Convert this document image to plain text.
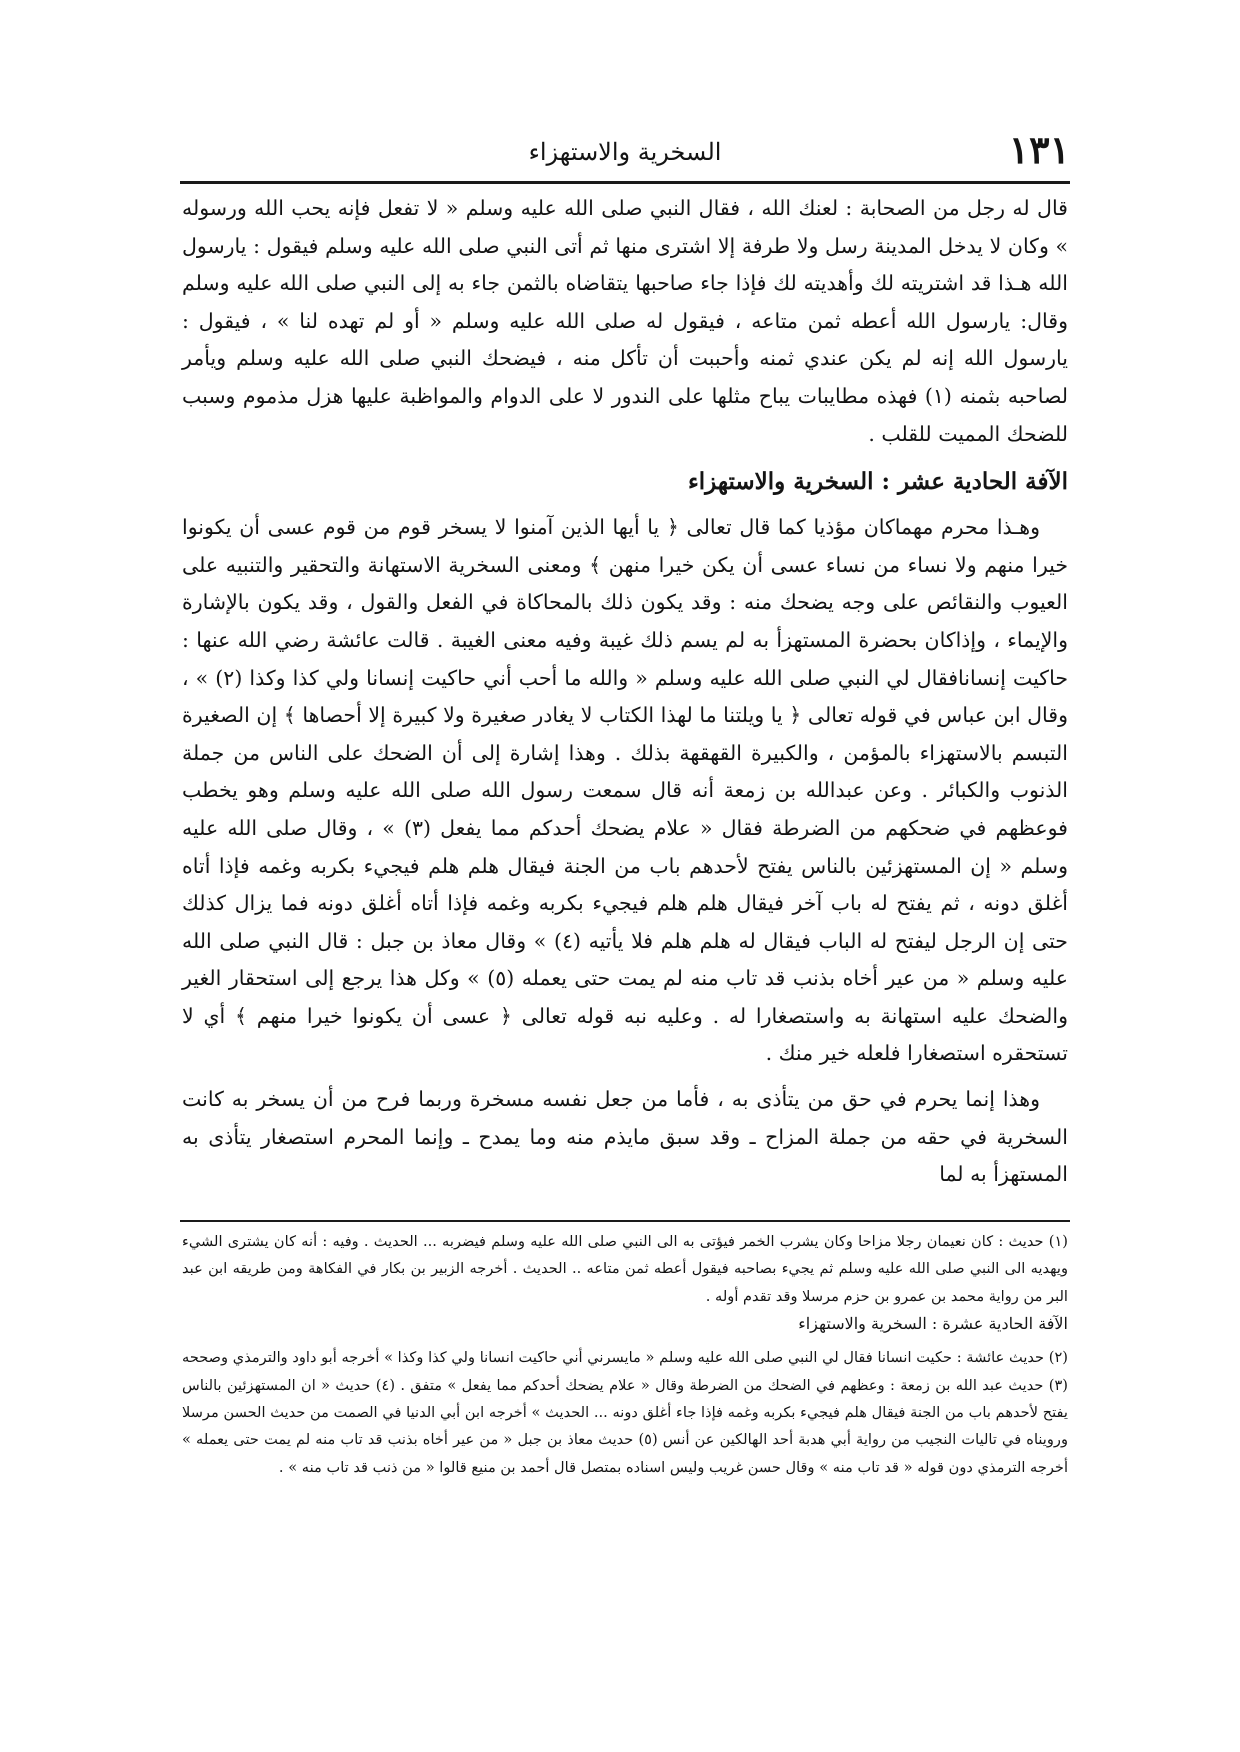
١٣١
السخرية والاستهزاء

قال له رجل من الصحابة : لعنك الله ، فقال النبي صلى الله عليه وسلم « لا تفعل فإنه يحب الله ورسوله » وكان لا يدخل المدينة رسل ولا طرفة إلا اشترى منها ثم أتى النبي صلى الله عليه وسلم فيقول : يارسول الله هـذا قد اشتريته لك وأهديته لك فإذا جاء صاحبها يتقاضاه بالثمن جاء به إلى النبي صلى الله عليه وسلم وقال: يارسول الله أعطه ثمن متاعه ، فيقول له صلى الله عليه وسلم « أو لم تهده لنا » ، فيقول : يارسول الله إنه لم يكن عندي ثمنه وأحببت أن تأكل منه ، فيضحك النبي صلى الله عليه وسلم ويأمر لصاحبه بثمنه (١) فهذه مطايبات يباح مثلها على الندور لا على الدوام والمواظبة عليها هزل مذموم وسبب للضحك المميت للقلب .

الآفة الحادية عشر : السخرية والاستهزاء

وهـذا محرم مهماكان مؤذيا كما قال تعالى ﴿ يا أيها الذين آمنوا لا يسخر قوم من قوم عسى أن يكونوا خيرا منهم ولا نساء من نساء عسى أن يكن خيرا منهن ﴾ ومعنى السخرية الاستهانة والتحقير والتنبيه على العيوب والنقائص على وجه يضحك منه : وقد يكون ذلك بالمحاكاة في الفعل والقول ، وقد يكون بالإشارة والإيماء ، وإذاكان بحضرة المستهزأ به لم يسم ذلك غيبة وفيه معنى الغيبة . قالت عائشة رضي الله عنها : حاكيت إنسانافقال لي النبي صلى الله عليه وسلم « والله ما أحب أني حاكيت إنسانا ولي كذا وكذا (٢) » ، وقال ابن عباس في قوله تعالى ﴿ يا ويلتنا ما لهذا الكتاب لا يغادر صغيرة ولا كبيرة إلا أحصاها ﴾ إن الصغيرة التبسم بالاستهزاء بالمؤمن ، والكبيرة القهقهة بذلك . وهذا إشارة إلى أن الضحك على الناس من جملة الذنوب والكبائر . وعن عبدالله بن زمعة أنه قال سمعت رسول الله صلى الله عليه وسلم وهو يخطب فوعظهم في ضحكهم من الضرطة فقال « علام يضحك أحدكم مما يفعل (٣) » ، وقال صلى الله عليه وسلم « إن المستهزئين بالناس يفتح لأحدهم باب من الجنة فيقال هلم هلم فيجيء بكربه وغمه فإذا أتاه أغلق دونه ، ثم يفتح له باب آخر فيقال هلم هلم فيجيء بكربه وغمه فإذا أتاه أغلق دونه فما يزال كذلك حتى إن الرجل ليفتح له الباب فيقال له هلم هلم فلا يأتيه (٤) » وقال معاذ بن جبل : قال النبي صلى الله عليه وسلم « من عير أخاه بذنب قد تاب منه لم يمت حتى يعمله (٥) » وكل هذا يرجع إلى استحقار الغير والضحك عليه استهانة به واستصغارا له . وعليه نبه قوله تعالى ﴿ عسى أن يكونوا خيرا منهم ﴾ أي لا تستحقره استصغارا فلعله خير منك .

وهذا إنما يحرم في حق من يتأذى به ، فأما من جعل نفسه مسخرة وربما فرح من أن يسخر به كانت السخرية في حقه من جملة المزاح ـ وقد سبق مايذم منه وما يمدح ـ وإنما المحرم استصغار يتأذى به المستهزأ به لما

(١) حديث : كان نعيمان رجلا مزاحا وكان يشرب الخمر فيؤتى به الى النبي صلى الله عليه وسلم فيضربه ... الحديث . وفيه : أنه كان يشترى الشيء ويهديه الى النبي صلى الله عليه وسلم ثم يجيء بصاحبه فيقول أعطه ثمن متاعه .. الحديث . أخرجه الزبير بن بكار في الفكاهة ومن طريقه ابن عبد البر من رواية محمد بن عمرو بن حزم مرسلا وقد تقدم أوله .

الآفة الحادية عشرة : السخرية والاستهزاء

(٢) حديث عائشة : حكيت انسانا فقال لي النبي صلى الله عليه وسلم « مايسرني أني حاكيت انسانا ولي كذا وكذا » أخرجه أبو داود والترمذي وصححه (٣) حديث عبد الله بن زمعة : وعظهم في الضحك من الضرطة وقال « علام يضحك أحدكم مما يفعل » متفق . (٤) حديث « ان المستهزئين بالناس يفتح لأحدهم باب من الجنة فيقال هلم فيجيء بكربه وغمه فإذا جاء أغلق دونه ... الحديث » أخرجه ابن أبي الدنيا في الصمت من حديث الحسن مرسلا ورويناه في تاليات النجيب من رواية أبي هدبة أحد الهالكين عن أنس (٥) حديث معاذ بن جبل « من عير أخاه بذنب قد تاب منه لم يمت حتى يعمله » أخرجه الترمذي دون قوله « قد تاب منه » وقال حسن غريب وليس اسناده بمتصل قال أحمد بن منيع قالوا « من ذنب قد تاب منه » .
